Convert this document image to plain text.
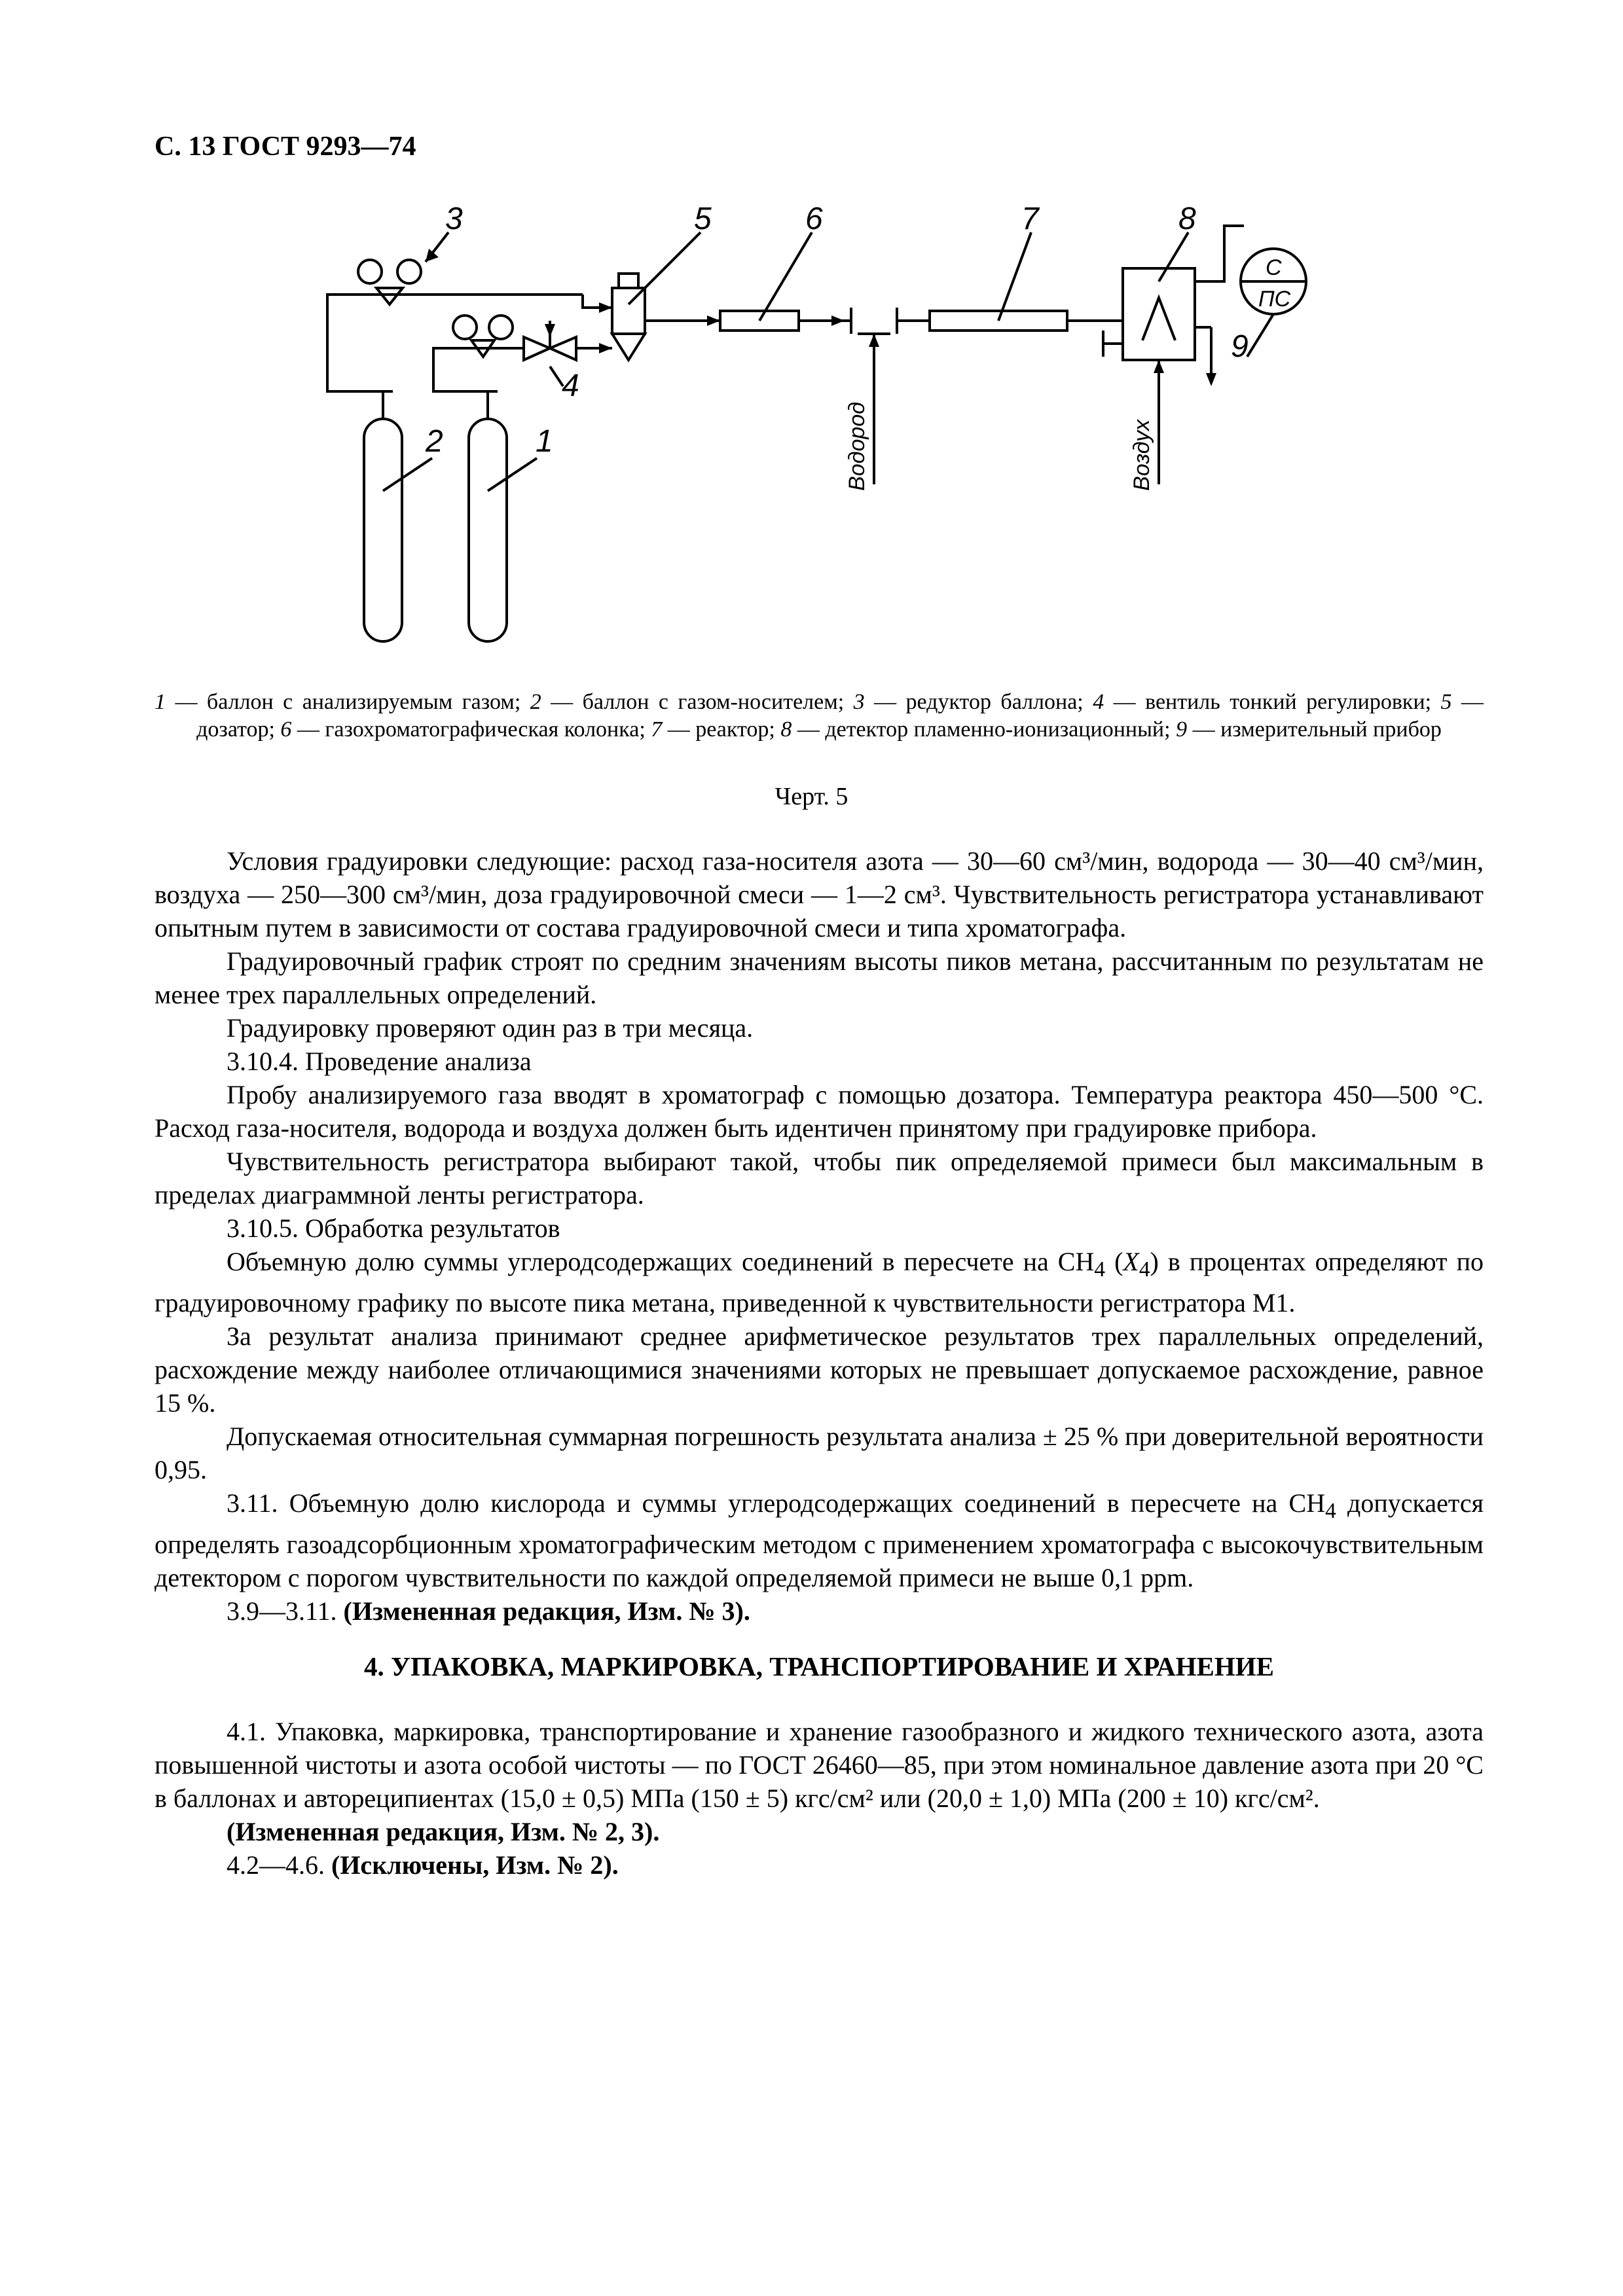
С. 13 ГОСТ 9293—74
3	5	6	7	8
4
2	1
9
С
ПС
Водород	Воздух
1 — баллон с анализируемым газом; 2 — баллон с газом-носителем; 3 — редуктор баллона; 4 — вентиль тонкий регулировки; 5 — дозатор; 6 — газохроматографическая колонка; 7 — реактор; 8 — детектор пламенно-ионизационный; 9 — измерительный прибор
Черт. 5

Условия градуировки следующие: расход газа-носителя азота — 30—60 см³/мин, водорода — 30—40 см³/мин, воздуха — 250—300 см³/мин, доза градуировочной смеси — 1—2 см³. Чувствительность регистратора устанавливают опытным путем в зависимости от состава градуировочной смеси и типа хроматографа.

Градуировочный график строят по средним значениям высоты пиков метана, рассчитанным по результатам не менее трех параллельных определений.

Градуировку проверяют один раз в три месяца.

3.10.4. Проведение анализа

Пробу анализируемого газа вводят в хроматограф с помощью дозатора. Температура реактора 450—500 °С. Расход газа-носителя, водорода и воздуха должен быть идентичен принятому при градуировке прибора.

Чувствительность регистратора выбирают такой, чтобы пик определяемой примеси был максимальным в пределах диаграммной ленты регистратора.

3.10.5. Обработка результатов

Объемную долю суммы углеродсодержащих соединений в пересчете на $CH_4$ $(X_4)$ в процентах определяют по градуировочному графику по высоте пика метана, приведенной к чувствительности регистратора М1.

За результат анализа принимают среднее арифметическое результатов трех параллельных определений, расхождение между наиболее отличающимися значениями которых не превышает допускаемое расхождение, равное 15 %.

Допускаемая относительная суммарная погрешность результата анализа ± 25 % при доверительной вероятности 0,95.

3.11. Объемную долю кислорода и суммы углеродсодержащих соединений в пересчете на $CH_4$ допускается определять газоадсорбционным хроматографическим методом с применением хроматографа с высокочувствительным детектором с порогом чувствительности по каждой определяемой примеси не выше 0,1 ppm.

3.9—3.11. (Измененная редакция, Изм. № 3).

4. УПАКОВКА, МАРКИРОВКА, ТРАНСПОРТИРОВАНИЕ И ХРАНЕНИЕ

4.1. Упаковка, маркировка, транспортирование и хранение газообразного и жидкого технического азота, азота повышенной чистоты и азота особой чистоты — по ГОСТ 26460—85, при этом номинальное давление азота при 20 °С в баллонах и автореципиентах (15,0 ± 0,5) МПа (150 ± 5) кгс/см² или (20,0 ± 1,0) МПа (200 ± 10) кгс/см².

(Измененная редакция, Изм. № 2, 3).

4.2—4.6. (Исключены, Изм. № 2).
